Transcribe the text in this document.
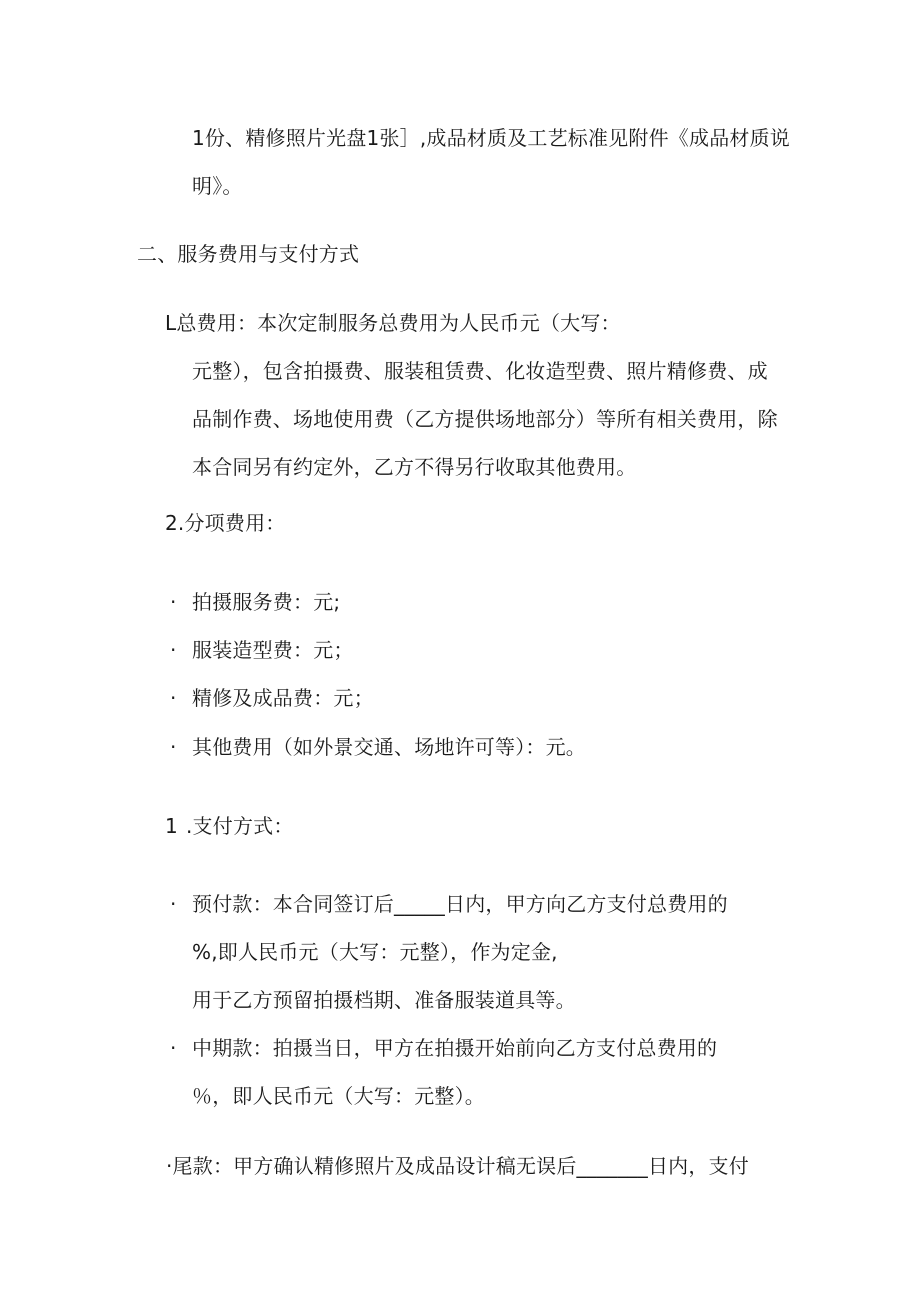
1份、精修照片光盘1张］,成品材质及工艺标准见附件《成品材质说
明》。
二、服务费用与支付方式
L总费用：本次定制服务总费用为人民币元（大写：
元整），包含拍摄费、服装租赁费、化妆造型费、照片精修费、成
品制作费、场地使用费（乙方提供场地部分）等所有相关费用，除
本合同另有约定外，乙方不得另行收取其他费用。
2.分项费用：
· 拍摄服务费：元;
· 服装造型费：元；
· 精修及成品费：元；
· 其他费用（如外景交通、场地许可等）：元。
1 .支付方式：
· 预付款：本合同签订后_____日内，甲方向乙方支付总费用的
%,即人民币元（大写：元整），作为定金,
用于乙方预留拍摄档期、准备服装道具等。
· 中期款：拍摄当日，甲方在拍摄开始前向乙方支付总费用的
％，即人民币元（大写：元整）。
·尾款：甲方确认精修照片及成品设计稿无误后_______日内，支付
